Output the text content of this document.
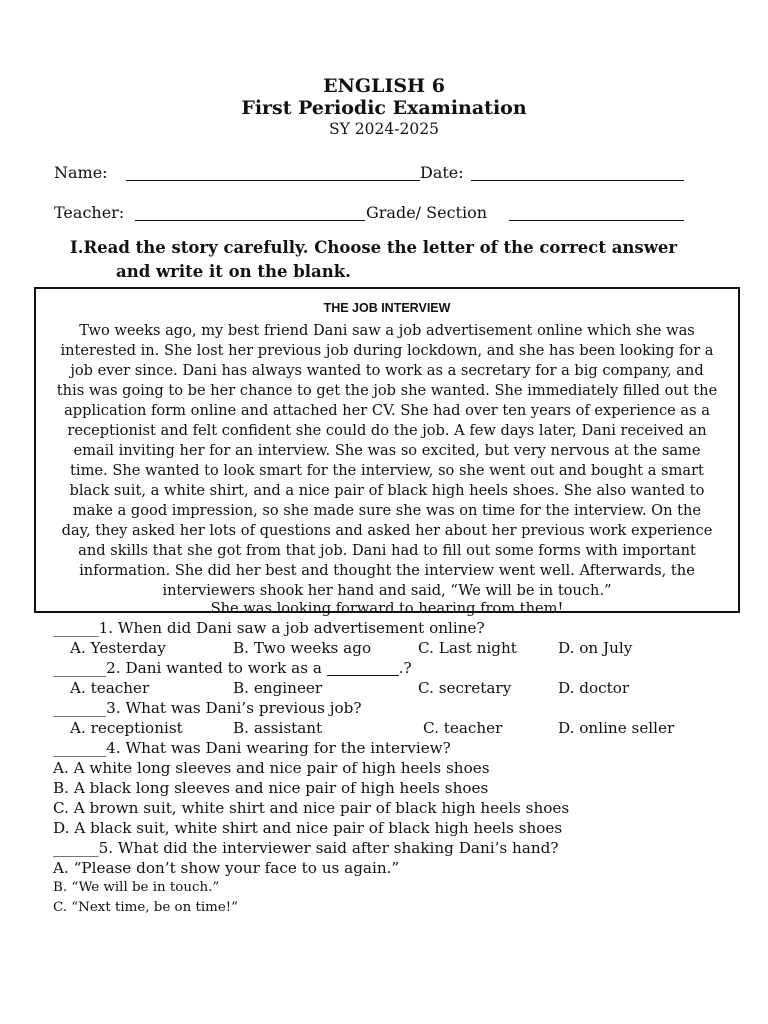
ENGLISH 6
First Periodic Examination
SY 2024-2025
Name:	Date:
Teacher:	Grade/ Section
I.Read the story carefully. Choose the letter of the correct answer
and write it on the blank.
THE JOB INTERVIEW
Two weeks ago, my best friend Dani saw a job advertisement online which she was
interested in. She lost her previous job during lockdown, and she has been looking for a
job ever since. Dani has always wanted to work as a secretary for a big company, and
this was going to be her chance to get the job she wanted. She immediately filled out the
application form online and attached her CV. She had over ten years of experience as a
receptionist and felt confident she could do the job. A few days later, Dani received an
email inviting her for an interview. She was so excited, but very nervous at the same
time. She wanted to look smart for the interview, so she went out and bought a smart
black suit, a white shirt, and a nice pair of black high heels shoes. She also wanted to
make a good impression, so she made sure she was on time for the interview. On the
day, they asked her lots of questions and asked her about her previous work experience
and skills that she got from that job. Dani had to fill out some forms with important
information. She did her best and thought the interview went well. Afterwards, the
interviewers shook her hand and said, “We will be in touch.”
She was looking forward to hearing from them!
______1. When did Dani saw a job advertisement online?
A. Yesterday	B. Two weeks ago	C. Last night	D. on July
_______2. Dani wanted to work as a	.?
A. teacher	B. engineer	C. secretary	D. doctor
_______3. What was Dani’s previous job?
A. receptionist	B. assistant	C. teacher	D. online seller
_______4. What was Dani wearing for the interview?
A. A white long sleeves and nice pair of high heels shoes
B. A black long sleeves and nice pair of high heels shoes
C. A brown suit, white shirt and nice pair of black high heels shoes
D. A black suit, white shirt and nice pair of black high heels shoes
______5. What did the interviewer said after shaking Dani’s hand?
A. “Please don’t show your face to us again.”
B. “We will be in touch.”
C. “Next time, be on time!”
